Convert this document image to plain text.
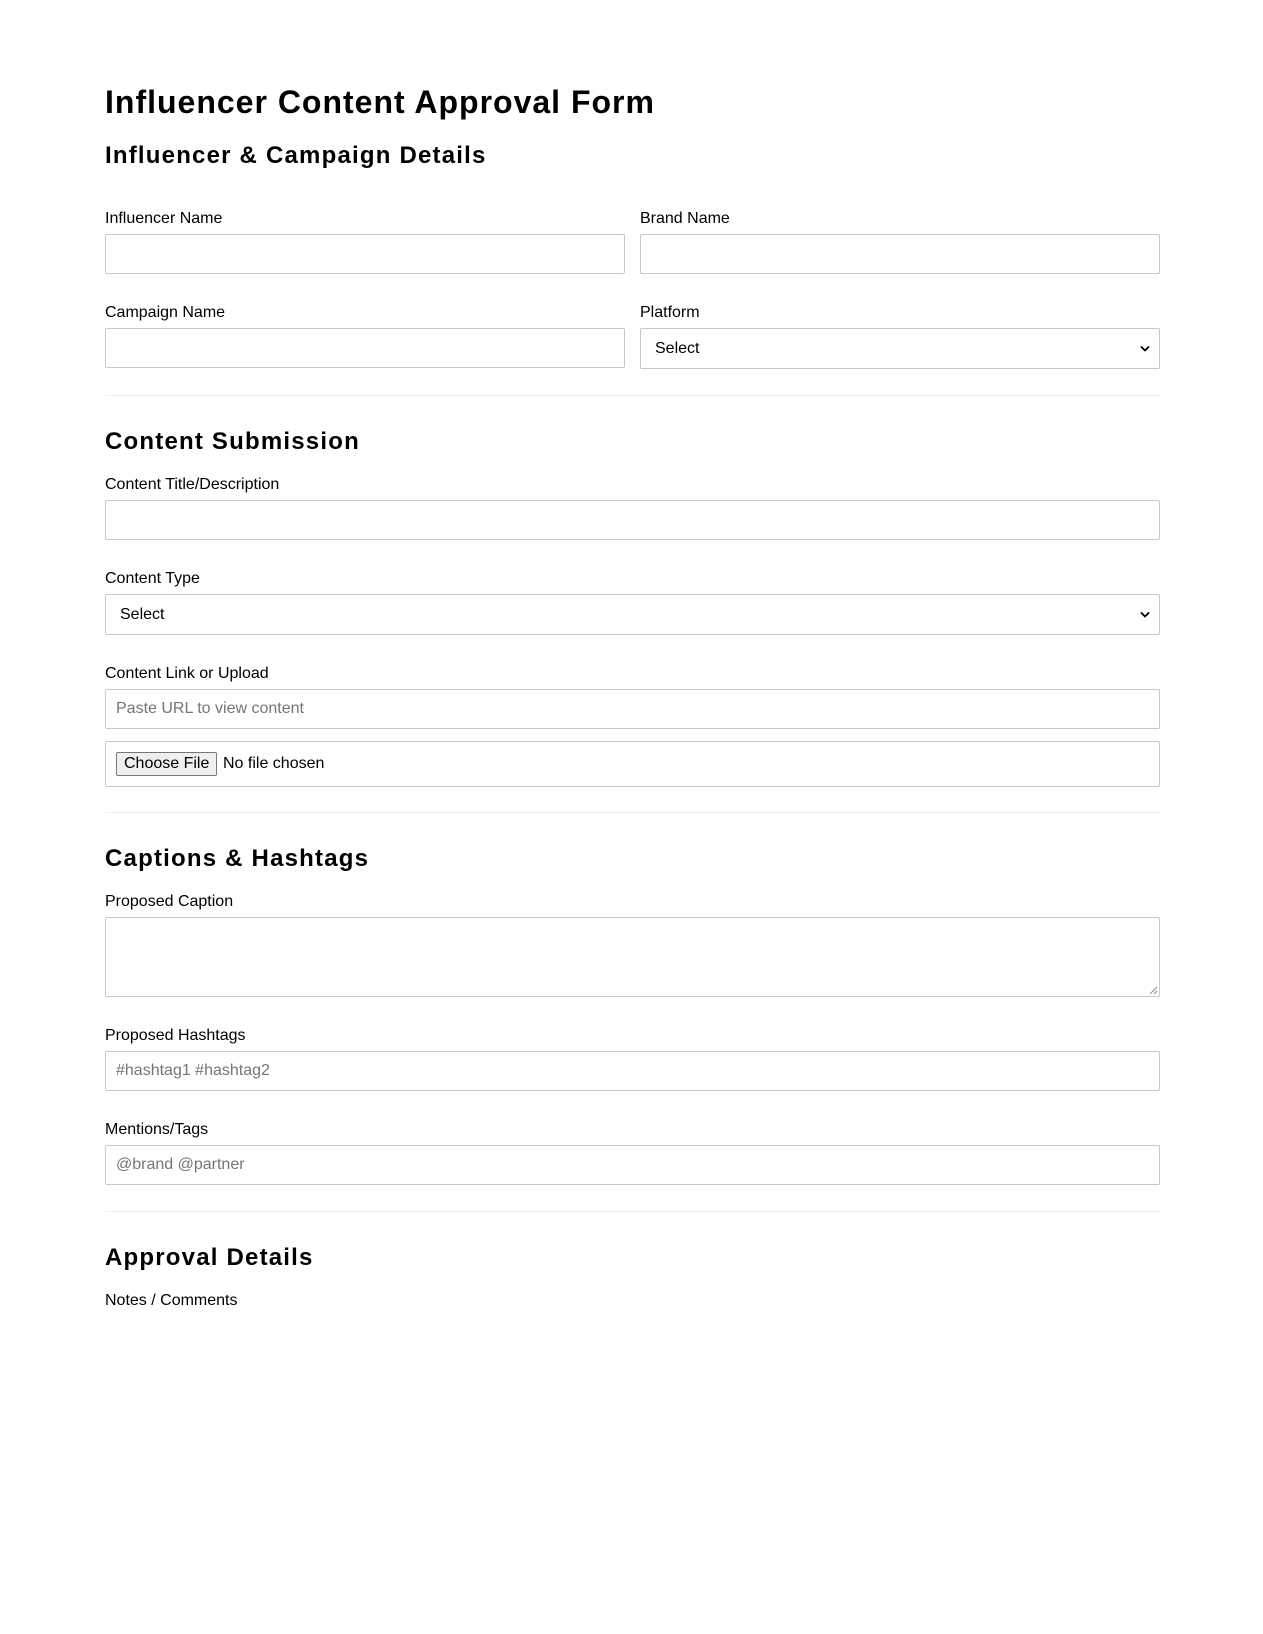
Influencer Content Approval Form
Influencer & Campaign Details
Influencer Name	Brand Name
Campaign Name	Platform
Select
Content Submission
Content Title/Description
Content Type
Select
Content Link or Upload
Paste URL to view content
Choose File No file chosen
Captions & Hashtags
Proposed Caption
Proposed Hashtags
#hashtag1 #hashtag2
Mentions/Tags
@brand @partner
Approval Details
Notes / Comments
